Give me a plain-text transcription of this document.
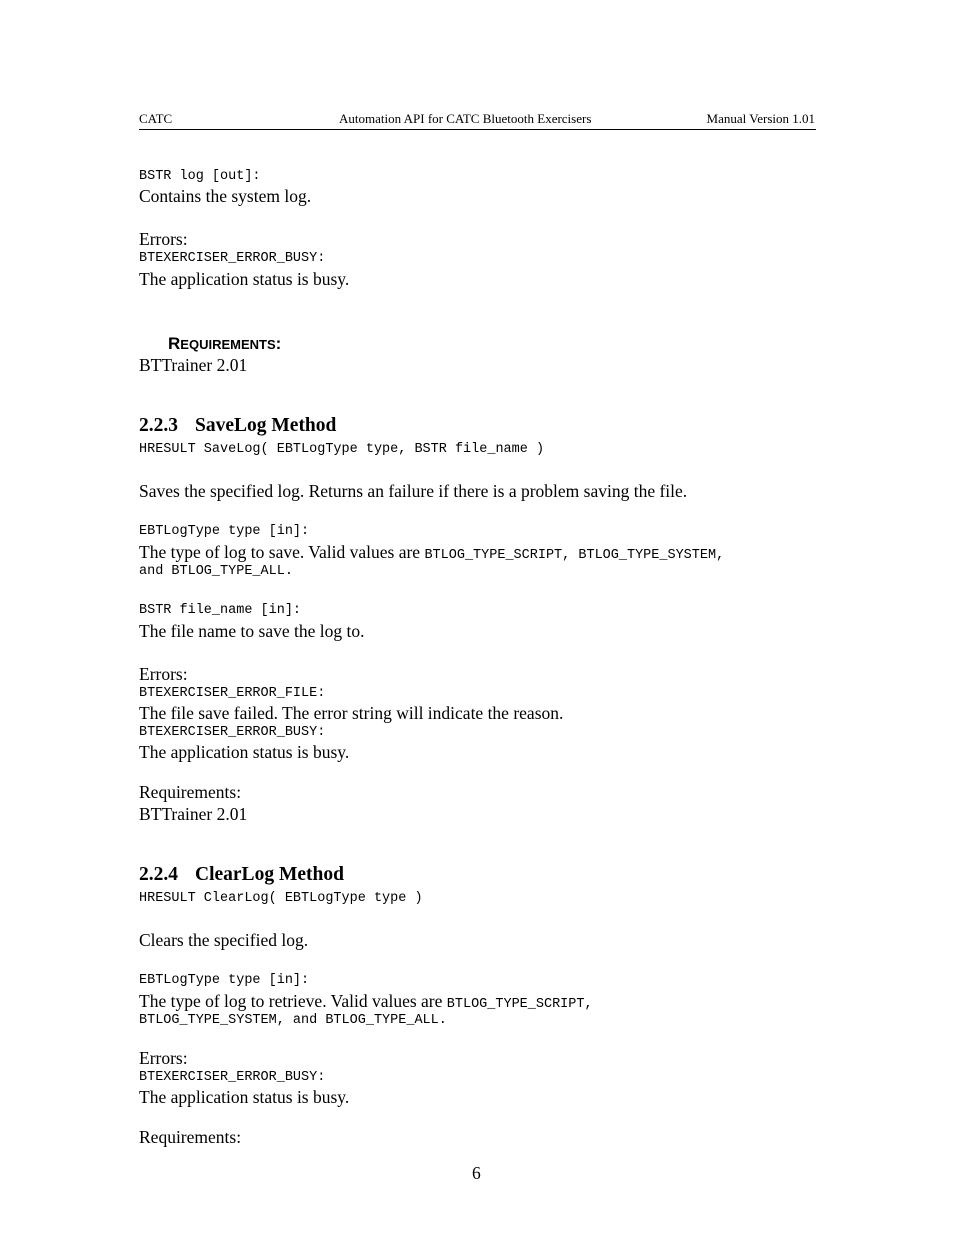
CATC	Automation API for CATC Bluetooth Exercisers	Manual Version 1.01
BSTR log [out]:
Contains the system log.
Errors:
BTEXERCISER_ERROR_BUSY:
The application status is busy.
REQUIREMENTS:
BTTrainer 2.01
2.2.3 SaveLog Method
HRESULT SaveLog( EBTLogType type, BSTR file_name )
Saves the specified log. Returns an failure if there is a problem saving the file.
EBTLogType type [in]:
The type of log to save. Valid values are BTLOG_TYPE_SCRIPT, BTLOG_TYPE_SYSTEM,
and BTLOG_TYPE_ALL.
BSTR file_name [in]:
The file name to save the log to.
Errors:
BTEXERCISER_ERROR_FILE:
The file save failed. The error string will indicate the reason.
BTEXERCISER_ERROR_BUSY:
The application status is busy.
Requirements:
BTTrainer 2.01
2.2.4 ClearLog Method
HRESULT ClearLog( EBTLogType type )
Clears the specified log.
EBTLogType type [in]:
The type of log to retrieve. Valid values are BTLOG_TYPE_SCRIPT,
BTLOG_TYPE_SYSTEM, and BTLOG_TYPE_ALL.
Errors:
BTEXERCISER_ERROR_BUSY:
The application status is busy.
Requirements:
6
